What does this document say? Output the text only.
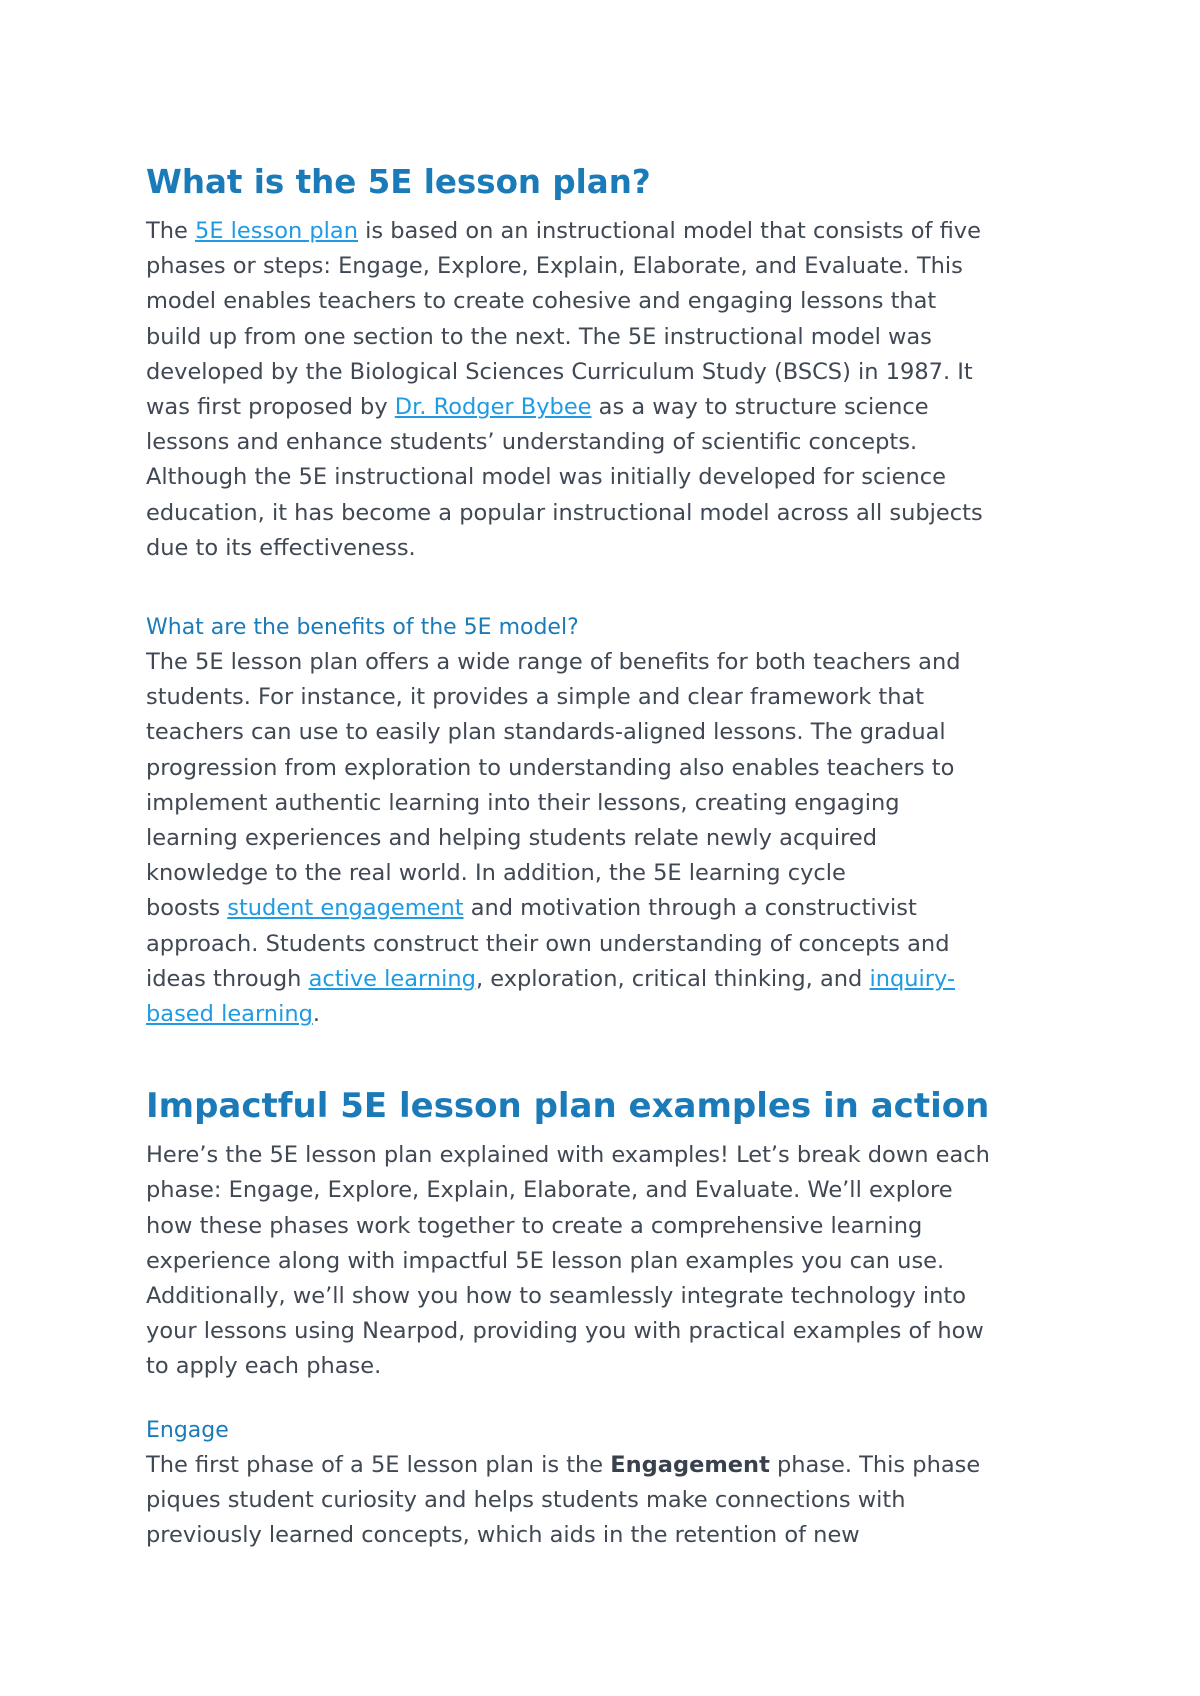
What is the 5E lesson plan?

The 5E lesson plan is based on an instructional model that consists of five

phases or steps: Engage, Explore, Explain, Elaborate, and Evaluate. This

model enables teachers to create cohesive and engaging lessons that

build up from one section to the next. The 5E instructional model was

developed by the Biological Sciences Curriculum Study (BSCS) in 1987. It

was first proposed by Dr. Rodger Bybee as a way to structure science

lessons and enhance students’ understanding of scientific concepts.

Although the 5E instructional model was initially developed for science

education, it has become a popular instructional model across all subjects

due to its effectiveness.

What are the benefits of the 5E model?

The 5E lesson plan offers a wide range of benefits for both teachers and

students. For instance, it provides a simple and clear framework that

teachers can use to easily plan standards-aligned lessons. The gradual

progression from exploration to understanding also enables teachers to

implement authentic learning into their lessons, creating engaging

learning experiences and helping students relate newly acquired

knowledge to the real world. In addition, the 5E learning cycle

boosts student engagement and motivation through a constructivist

approach. Students construct their own understanding of concepts and

ideas through active learning, exploration, critical thinking, and inquiry-

based learning.

Impactful 5E lesson plan examples in action

Here’s the 5E lesson plan explained with examples! Let’s break down each

phase: Engage, Explore, Explain, Elaborate, and Evaluate. We’ll explore

how these phases work together to create a comprehensive learning

experience along with impactful 5E lesson plan examples you can use.

Additionally, we’ll show you how to seamlessly integrate technology into

your lessons using Nearpod, providing you with practical examples of how

to apply each phase.

Engage

The first phase of a 5E lesson plan is the Engagement phase. This phase

piques student curiosity and helps students make connections with

previously learned concepts, which aids in the retention of new
